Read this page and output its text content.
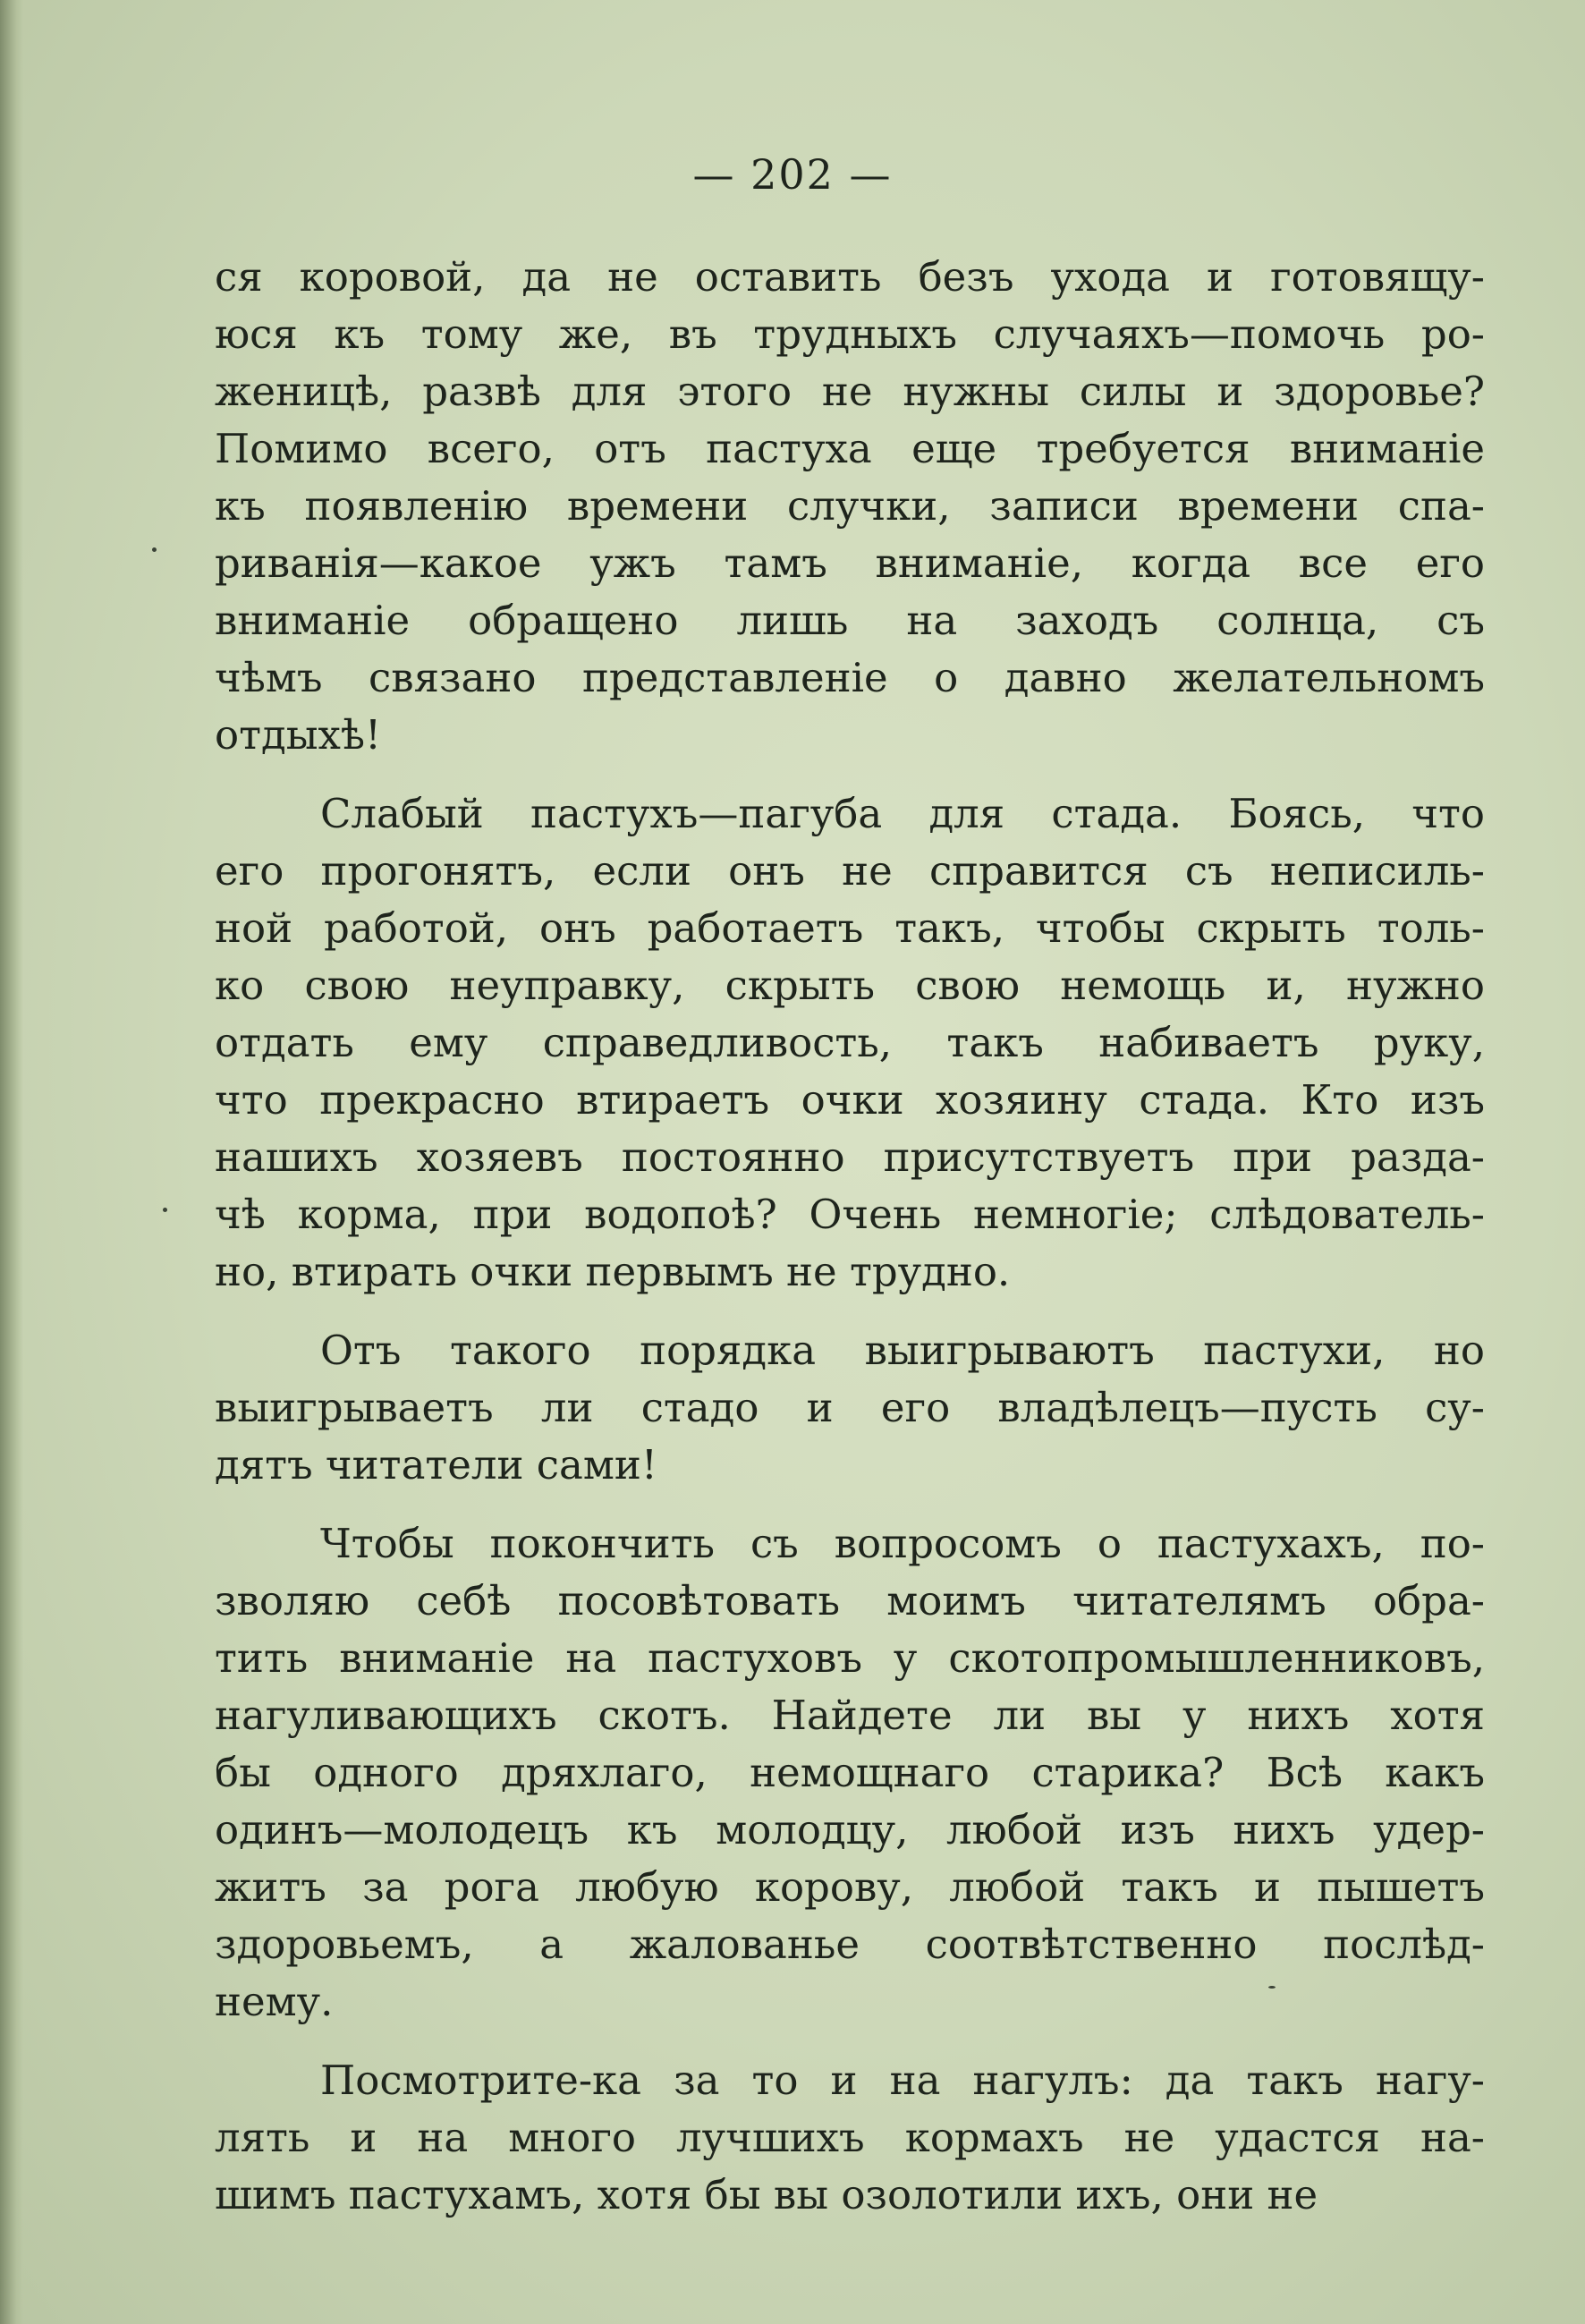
— 202 —
ся коровой, да не оставить безъ ухода и готовящу-
юся къ тому же, въ трудныхъ случаяхъ—помочь ро-
женицѣ, развѣ для этого не нужны силы и здоровье?
Помимо всего, отъ пастуха еще требуется вниманіе
къ появленію времени случки, записи времени спа-
риванія—какое ужъ тамъ вниманіе, когда все его
вниманіе обращено лишь на заходъ солнца, съ
чѣмъ связано представленіе о давно желательномъ
отдыхѣ!
Слабый пастухъ—пагуба для стада. Боясь, что
его прогонятъ, если онъ не справится съ неписиль-
ной работой, онъ работаетъ такъ, чтобы скрыть толь-
ко свою неуправку, скрыть свою немощь и, нужно
отдать ему справедливость, такъ набиваетъ руку,
что прекрасно втираетъ очки хозяину стада. Кто изъ
нашихъ хозяевъ постоянно присутствуетъ при разда-
чѣ корма, при водопоѣ? Очень немногіе; слѣдователь-
но, втирать очки первымъ не трудно.
Отъ такого порядка выигрываютъ пастухи, но
выигрываетъ ли стадо и его владѣлецъ—пусть су-
дятъ читатели сами!
Чтобы покончить съ вопросомъ о пастухахъ, по-
зволяю себѣ посовѣтовать моимъ читателямъ обра-
тить вниманіе на пастуховъ у скотопромышленниковъ,
нагуливающихъ скотъ. Найдете ли вы у нихъ хотя
бы одного дряхлаго, немощнаго старика? Всѣ какъ
одинъ—молодецъ къ молодцу, любой изъ нихъ удер-
житъ за рога любую корову, любой такъ и пышетъ
здоровьемъ, а жалованье соотвѣтственно послѣд-
нему.
Посмотрите-ка за то и на нагулъ: да такъ нагу-
лять и на много лучшихъ кормахъ не удастся на-
шимъ пастухамъ, хотя бы вы озолотили ихъ, они не
